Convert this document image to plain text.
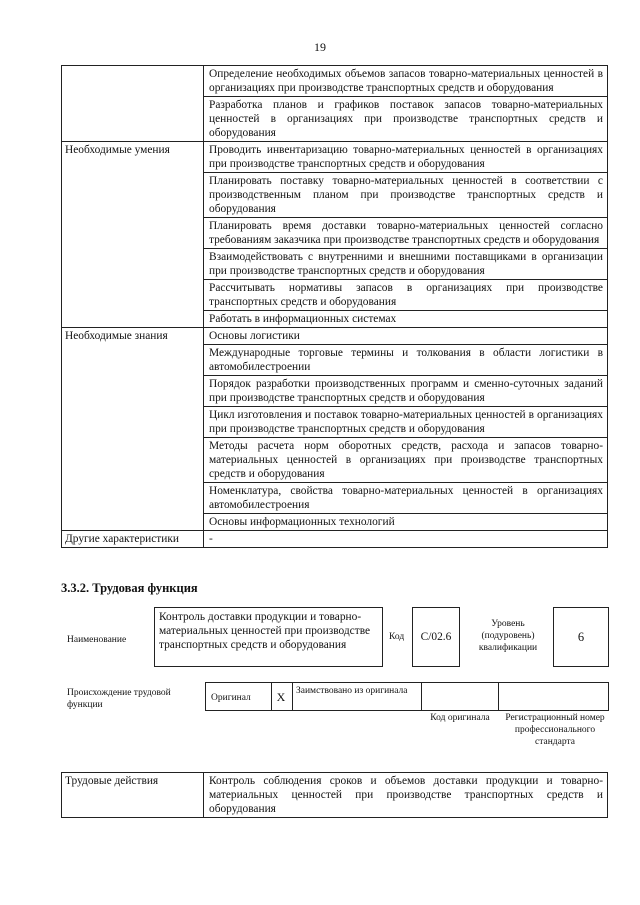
19
	Определение необходимых объемов запасов товарно-материальных ценностей в организациях при производстве транспортных средств и оборудования
	Разработка планов и графиков поставок запасов товарно-материальных ценностей в организациях при производстве транспортных средств и оборудования
Необходимые умения	Проводить инвентаризацию товарно-материальных ценностей в организациях при производстве транспортных средств и оборудования
	Планировать поставку товарно-материальных ценностей в соответствии с производственным планом при производстве транспортных средств и оборудования
	Планировать время доставки товарно-материальных ценностей согласно требованиям заказчика при производстве транспортных средств и оборудования
	Взаимодействовать с внутренними и внешними поставщиками в организации при производстве транспортных средств и оборудования
	Рассчитывать нормативы запасов в организациях при производстве транспортных средств и оборудования
	Работать в информационных системах
Необходимые знания	Основы логистики
	Международные торговые термины и толкования в области логистики в автомобилестроении
	Порядок разработки производственных программ и сменно-суточных заданий при производстве транспортных средств и оборудования
	Цикл изготовления и поставок товарно-материальных ценностей в организациях при производстве транспортных средств и оборудования
	Методы расчета норм оборотных средств, расхода и запасов товарно-материальных ценностей в организациях при производстве транспортных средств и оборудования
	Номенклатура, свойства товарно-материальных ценностей в организациях автомобилестроения
	Основы информационных технологий
Другие характеристики	-
3.3.2. Трудовая функция
Наименование
Контроль доставки продукции и товарно-материальных ценностей при производстве транспортных средств и оборудования
Код	С/02.6
Уровень (подуровень) квалификации
6
Происхождение трудовой функции
Оригинал	X	Заимствовано из оригинала
Код оригинала	Регистрационный номер профессионального стандарта
Трудовые действия	Контроль соблюдения сроков и объемов доставки продукции и товарно-материальных ценностей при производстве транспортных средств и оборудования
